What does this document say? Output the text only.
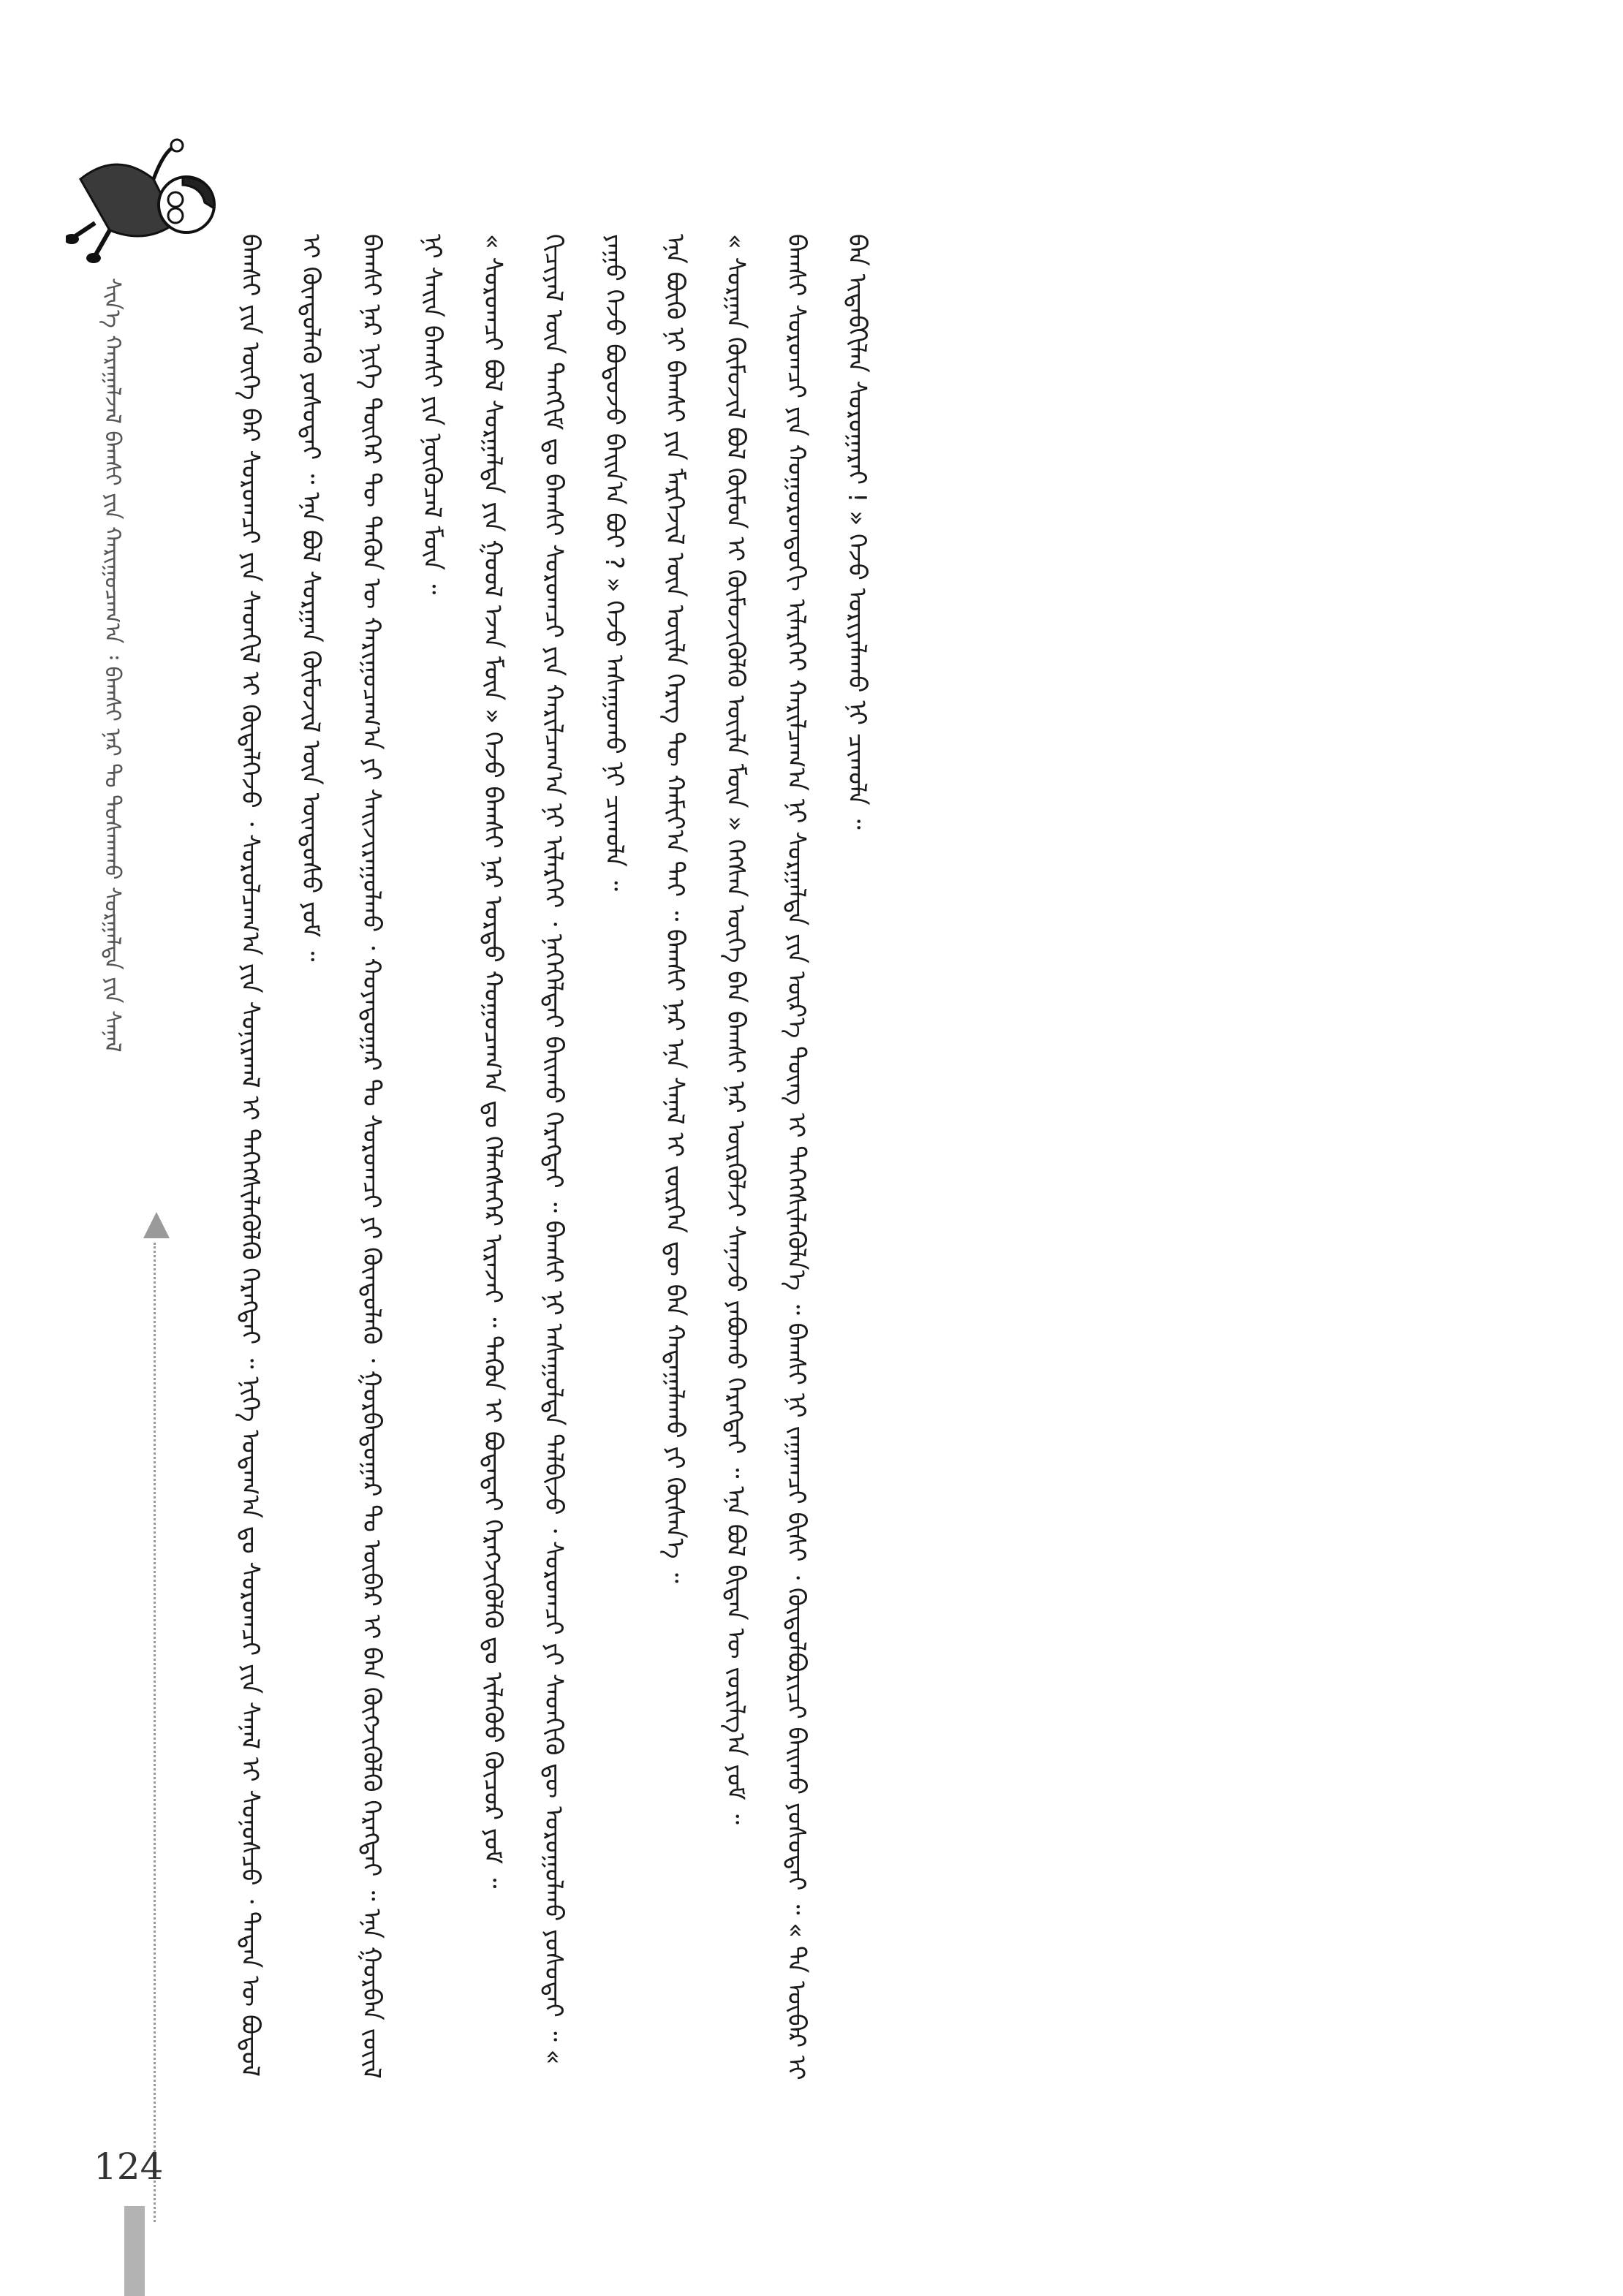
ᠰᠢᠨ᠎ᠡ ᠬᠠᠷᠠᠭᠠᠯᠵᠠᠯ ᠪᠠᠭᠰᠢ ᠶᠢᠨ ᠬᠠᠷᠢᠭᠤᠴᠠᠭ᠎ᠠ ᠄ ᠪᠠᠭᠰᠢ ᠨᠠᠷ ᠲᠤ ᠳᠤᠰᠬᠠᠬᠤ ᠰᠤᠷᠭᠠᠯᠲᠠ ᠶᠢᠨ ᠰᠠᠨᠠᠯ	ᠪᠠᠭᠰᠢ ᠶᠢᠨ ᠦᠭᠡ ᠪᠡᠷ ᠰᠤᠷᠤᠭᠴᠢ ᠶᠢᠨ ᠰᠡᠳᠬᠢᠯ ᠢ ᠬᠦᠳᠡᠯᠭᠡᠵᠦ ᠂ ᠰᠤᠷᠤᠯᠴᠠᠭ᠎ᠠ ᠶᠢᠨ ᠰᠤᠨᠢᠷᠬᠠᠯ ᠢ ᠳᠡᠭᠡᠭᠰᠢᠯᠡᠭᠦᠯᠬᠦ ᠬᠡᠷᠡᠭᠲᠡᠢ ᠃ ᠨᠢᠭᠡ ᠤᠳᠠᠭ᠎ᠠ ᠳᠤ ᠰᠤᠷᠤᠭᠴᠢ ᠶᠢᠨ ᠰᠠᠨᠠᠯ ᠢ ᠰᠣᠨᠤᠰᠴᠤ ᠂ ᠲᠡᠳᠡᠨ ᠦ ᠪᠣᠳᠤᠯ ᠢ ᠬᠦᠨᠳᠦᠯᠡᠬᠦ ᠶᠣᠰᠤᠲᠠᠢ ᠃ ᠡᠨᠡ ᠪᠣᠯ ᠰᠤᠷᠭᠠᠨ ᠬᠦᠮᠦᠵᠢᠯ ᠦᠨ ᠦᠨᠳᠦᠰᠦ ᠶᠤᠮ ᠃	ᠪᠠᠭᠰᠢ ᠨᠠᠷ ᠨᠢᠭᠡ ᠳᠦᠭᠡᠷ ᠲᠦ ᠲᠡᠭᠦᠨ ᠦ ᠬᠠᠷᠢᠭᠤᠴᠠᠭ᠎ᠠ ᠶᠢ ᠰᠠᠢᠵᠢᠷᠠᠭᠤᠯᠬᠤ ᠂ ᠬᠣᠶᠠᠳᠤᠭᠠᠷ ᠲᠤ ᠰᠤᠷᠤᠭᠴᠢ ᠶᠢ ᠬᠦᠨᠳᠦᠯᠡᠬᠦ ᠂ ᠭᠤᠷᠪᠠᠳᠤᠭᠠᠷ ᠲᠤ ᠦᠪᠡᠷ ᠢ ᠪᠡᠨ ᠬᠦᠭᠵᠢᠭᠦᠯᠬᠦ ᠬᠡᠷᠡᠭᠲᠡᠢ ᠃ ᠡᠨᠡ ᠭᠤᠷᠪᠠᠨ ᠵᠦᠢᠯ ᠨᠢ ᠰᠠᠢᠨ ᠪᠠᠭᠰᠢ ᠶᠢᠨ ᠨᠥᠬᠦᠴᠡᠯ ᠮᠥᠨ ᠃	« ᠰᠤᠷᠤᠭᠴᠢ ᠪᠣᠯ ᠰᠤᠷᠭᠠᠯᠲᠠ ᠶᠢᠨ ᠭᠣᠣᠯ ᠡᠵᠡᠨ ᠮᠥᠨ » ᠭᠡᠵᠦ ᠪᠠᠭᠰᠢ ᠨᠠᠷ ᠤᠷᠲᠤ ᠬᠤᠭᠤᠴᠠᠭ᠎ᠠ ᠳᠤ ᠬᠡᠯᠡᠭᠰᠡᠭᠡᠷ ᠢᠷᠡᠵᠡᠢ ᠃ ᠲᠡᠭᠦᠨ ᠢ ᠪᠣᠳᠠᠲᠠᠢ ᠬᠡᠷᠡᠭᠵᠢᠭᠦᠯᠬᠦ ᠳᠤ ᠢᠯᠡᠭᠦᠦ ᠬᠦᠴᠦᠷ ᠶᠤᠮ ᠃	ᠬᠢᠴᠢᠶᠡᠯ ᠦᠨ ᠳᠠᠩᠬᠢᠮ ᠳᠤ ᠪᠠᠭᠰᠢ ᠰᠤᠷᠤᠭᠴᠢ ᠶᠢᠨ ᠬᠠᠷᠢᠯᠴᠠᠭ᠎ᠠ ᠨᠢ ᠢᠯᠡᠷᠬᠡᠢ ᠂ ᠨᠡᠭᠡᠭᠡᠯᠲᠡᠢ ᠪᠠᠢᠬᠤ ᠬᠡᠷᠡᠭᠲᠡᠢ ᠃ ᠪᠠᠭᠰᠢ ᠨᠢ ᠠᠰᠠᠭᠤᠯᠲᠠ ᠲᠠᠯᠪᠢᠵᠤ ᠂ ᠰᠤᠷᠤᠭᠴᠢ ᠶᠢ ᠰᠡᠳᠬᠢᠬᠦ ᠳᠦ ᠣᠷᠣᠭᠤᠯᠬᠤ ᠶᠣᠰᠤᠲᠠᠢ ᠃ « ᠶᠠᠭᠤ ᠭᠡᠵᠦ ᠪᠣᠳᠣᠵᠤ ᠪᠠᠢᠨ᠎ᠠ ᠪᠣᠢ ? » ᠭᠡᠵᠦ ᠠᠰᠠᠭᠤᠬᠤ ᠨᠢ ᠴᠢᠬᠤᠯᠠ ᠃	ᠡᠨᠡ ᠪᠦᠬᠦ ᠨᠢ ᠪᠠᠭᠰᠢ ᠶᠢᠨ ᠮᠡᠷᠭᠡᠵᠢᠯ ᠦᠨ ᠦᠢᠯᠡ ᠬᠡᠷᠡᠭ ᠲᠦ ᠬᠠᠮᠢᠶ᠎ᠠ ᠲᠠᠢ ᠃ ᠪᠠᠭᠰᠢ ᠨᠠᠷ ᠡᠨᠡ ᠰᠠᠨᠠᠯ ᠢ ᠵᠦᠷᠭᠡᠨ ᠳᠦ ᠪᠡᠨ ᠬᠠᠳᠠᠭᠠᠯᠠᠬᠤ ᠶᠢ ᠬᠦᠰᠡᠨ᠎ᠡ ᠃	« ᠰᠤᠷᠭᠠᠨ ᠬᠦᠮᠦᠵᠢᠯ ᠪᠣᠯ ᠬᠦᠮᠦᠨ ᠢ ᠬᠦᠮᠦᠵᠢᠭᠦᠯᠬᠦ ᠦᠢᠯᠡ ᠮᠥᠨ » ᠭᠡᠭᠰᠡᠨ ᠦᠭᠡ ᠪᠡᠨ ᠪᠠᠭᠰᠢ ᠨᠠᠷ ᠦᠷᠭᠦᠯᠵᠢ ᠰᠠᠨᠠᠵᠤ ᠶᠠᠪᠤᠬᠤ ᠬᠡᠷᠡᠭᠲᠡᠢ ᠃ ᠡᠨᠡ ᠪᠣᠯ ᠪᠢᠳᠡᠨ ᠦ ᠵᠣᠷᠢᠯᠭ᠎ᠠ ᠶᠤᠮ ᠃	ᠪᠠᠭᠰᠢ ᠰᠤᠷᠤᠭᠴᠢ ᠶᠢᠨ ᠬᠣᠭᠣᠷᠣᠨᠳᠤᠬᠢ ᠢᠯᠡᠷᠬᠡᠢ ᠬᠠᠷᠢᠯᠴᠠᠭ᠎ᠠ ᠨᠢ ᠰᠤᠷᠭᠠᠯᠲᠠ ᠶᠢᠨ ᠦᠷ᠎ᠡ ᠳᠦᠩ ᠢ ᠳᠡᠭᠡᠭᠰᠢᠯᠡᠭᠦᠯᠨ᠎ᠡ ᠃ ᠪᠠᠭᠰᠢ ᠨᠢ ᠵᠠᠭᠠᠭᠴᠢ ᠪᠢᠰᠢ ᠂ ᠬᠥᠲᠦᠯᠪᠦᠷᠢᠴᠢ ᠪᠠᠢᠬᠤ ᠶᠣᠰᠤᠲᠠᠢ ᠃ « ᠲᠠ ᠦᠪᠡᠷ ᠢ ᠪᠡᠨ ᠢᠳᠡᠪᠬᠢᠯᠡᠨ ᠰᠤᠷᠤᠭᠠᠷᠠᠢ ! » ᠭᠡᠵᠦ ᠤᠷᠢᠶᠠᠯᠠᠬᠤ ᠨᠢ ᠴᠢᠬᠤᠯᠠ ᠃

124
